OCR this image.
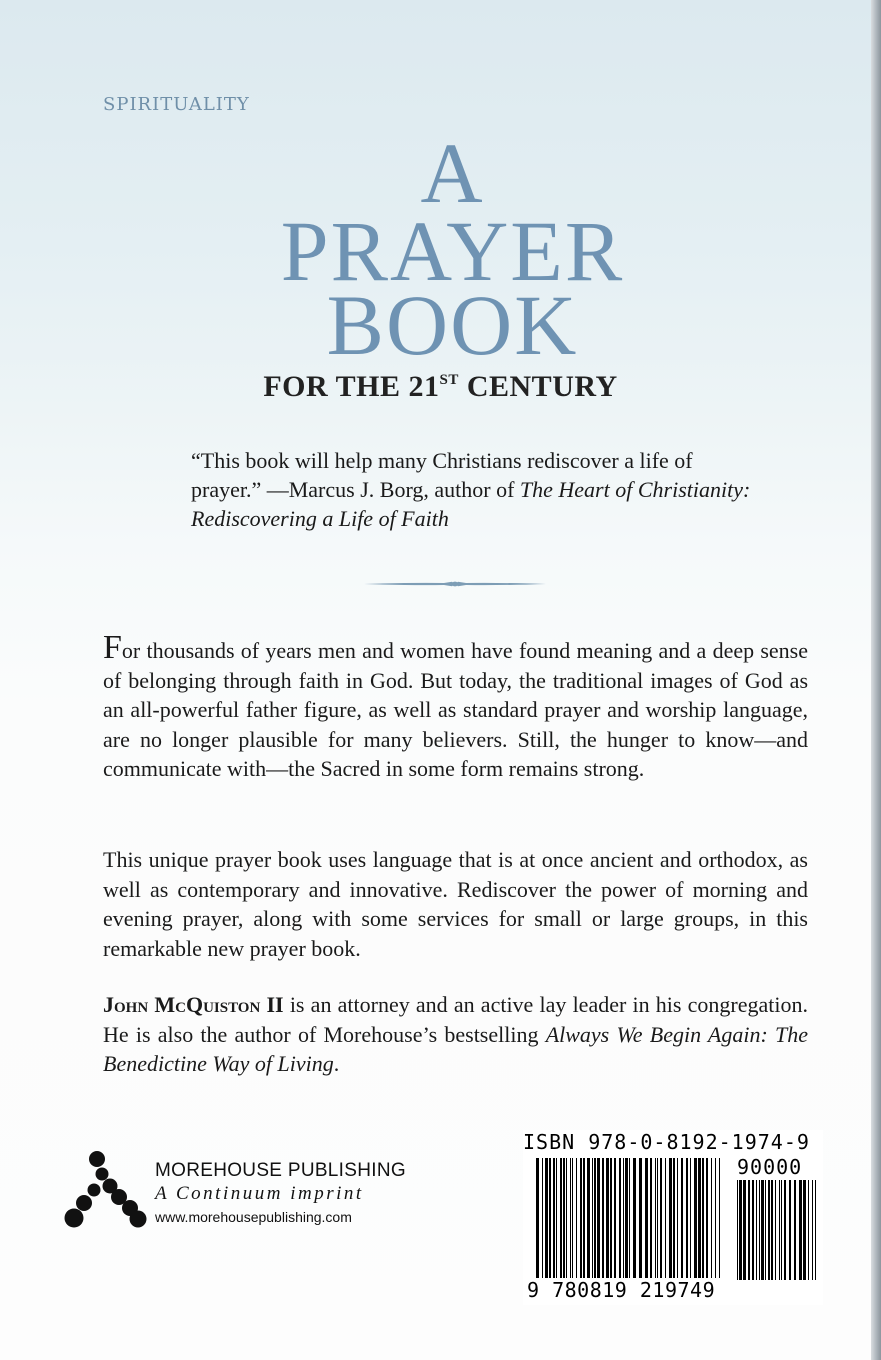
SPIRITUALITY
A
PRAYER
BOOK
FOR THE 21ST CENTURY
“This book will help many Christians rediscover a life of prayer.” —Marcus J. Borg, author of The Heart of Christianity: Rediscovering a Life of Faith
For thousands of years men and women have found meaning and a deep sense of belonging through faith in God. But today, the traditional images of God as an all-powerful father figure, as well as standard prayer and worship language, are no longer plausible for many believers. Still, the hunger to know—and communicate with—the Sacred in some form remains strong.
This unique prayer book uses language that is at once ancient and orthodox, as well as contemporary and innovative. Rediscover the power of morning and evening prayer, along with some services for small or large groups, in this remarkable new prayer book.
John McQuiston II is an attorney and an active lay leader in his congregation. He is also the author of Morehouse’s bestselling Always We Begin Again: The Benedictine Way of Living.
MOREHOUSE PUBLISHING
A Continuum imprint
www.morehousepublishing.com
ISBN 978-0-8192-1974-9
90000
9 780819 219749
